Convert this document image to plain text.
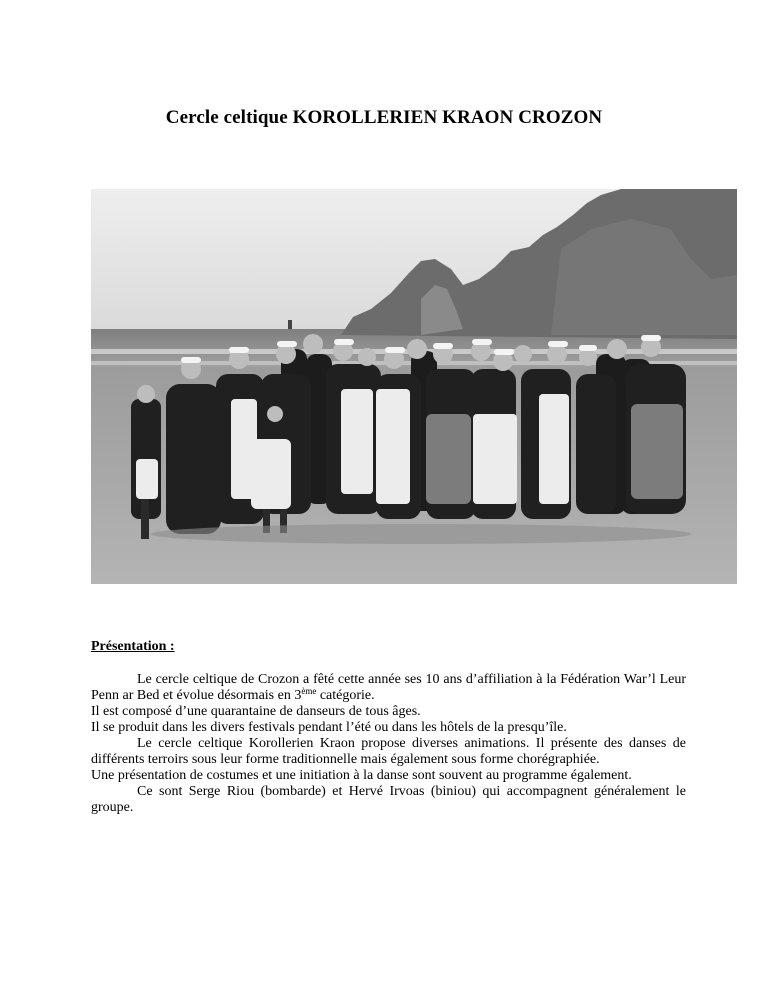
Cercle celtique KOROLLERIEN KRAON CROZON
Présentation :

Le cercle celtique de Crozon a fêté cette année ses 10 ans d’affiliation à la Fédération War’l Leur Penn ar Bed et évolue désormais en 3ème catégorie.

Il est composé d’une quarantaine de danseurs de tous âges.

Il se produit dans les divers festivals pendant l’été ou dans les hôtels de la presqu’île.

Le cercle celtique Korollerien Kraon propose diverses animations. Il présente des danses de différents terroirs sous leur forme traditionnelle mais également sous forme chorégraphiée.

Une présentation de costumes et une initiation à la danse sont souvent au programme également.

Ce sont Serge Riou (bombarde) et Hervé Irvoas (biniou) qui accompagnent généralement le groupe.
